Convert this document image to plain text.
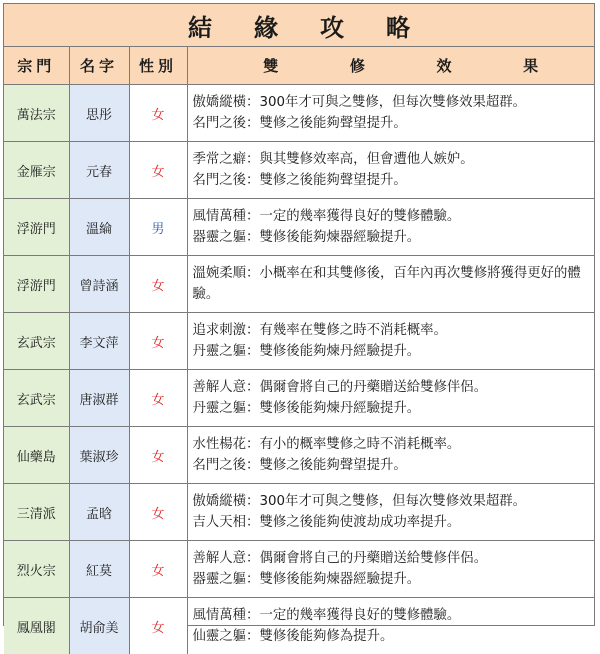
結緣攻略
宗門	名字	性別	雙 修 效 果

萬法宗	思彤	女	傲嬌縱橫：300年才可與之雙修，但每次雙修效果超群。
名門之後：雙修之後能夠聲望提升。

金雁宗	元春	女	季常之癖：與其雙修效率高，但會遭他人嫉妒。
名門之後：雙修之後能夠聲望提升。

浮游門	溫綸	男	風情萬種：一定的幾率獲得良好的雙修體驗。
器靈之軀：雙修後能夠煉器經驗提升。

浮游門	曾詩涵	女	溫婉柔順：小概率在和其雙修後，百年內再次雙修將獲得更好的體驗。

玄武宗	李文萍	女	追求刺激：有幾率在雙修之時不消耗概率。
丹靈之軀：雙修後能夠煉丹經驗提升。

玄武宗	唐淑群	女	善解人意：偶爾會將自己的丹藥贈送給雙修伴侶。
丹靈之軀：雙修後能夠煉丹經驗提升。

仙藥島	葉淑珍	女	水性楊花：有小的概率雙修之時不消耗概率。
名門之後：雙修之後能夠聲望提升。

三清派	孟晗	女	傲嬌縱橫：300年才可與之雙修，但每次雙修效果超群。
吉人天相：雙修之後能夠使渡劫成功率提升。

烈火宗	紅莫	女	善解人意：偶爾會將自己的丹藥贈送給雙修伴侶。
器靈之軀：雙修後能夠煉器經驗提升。

鳳凰閣	胡俞美	女	風情萬種：一定的幾率獲得良好的雙修體驗。
仙靈之軀：雙修後能夠修為提升。
